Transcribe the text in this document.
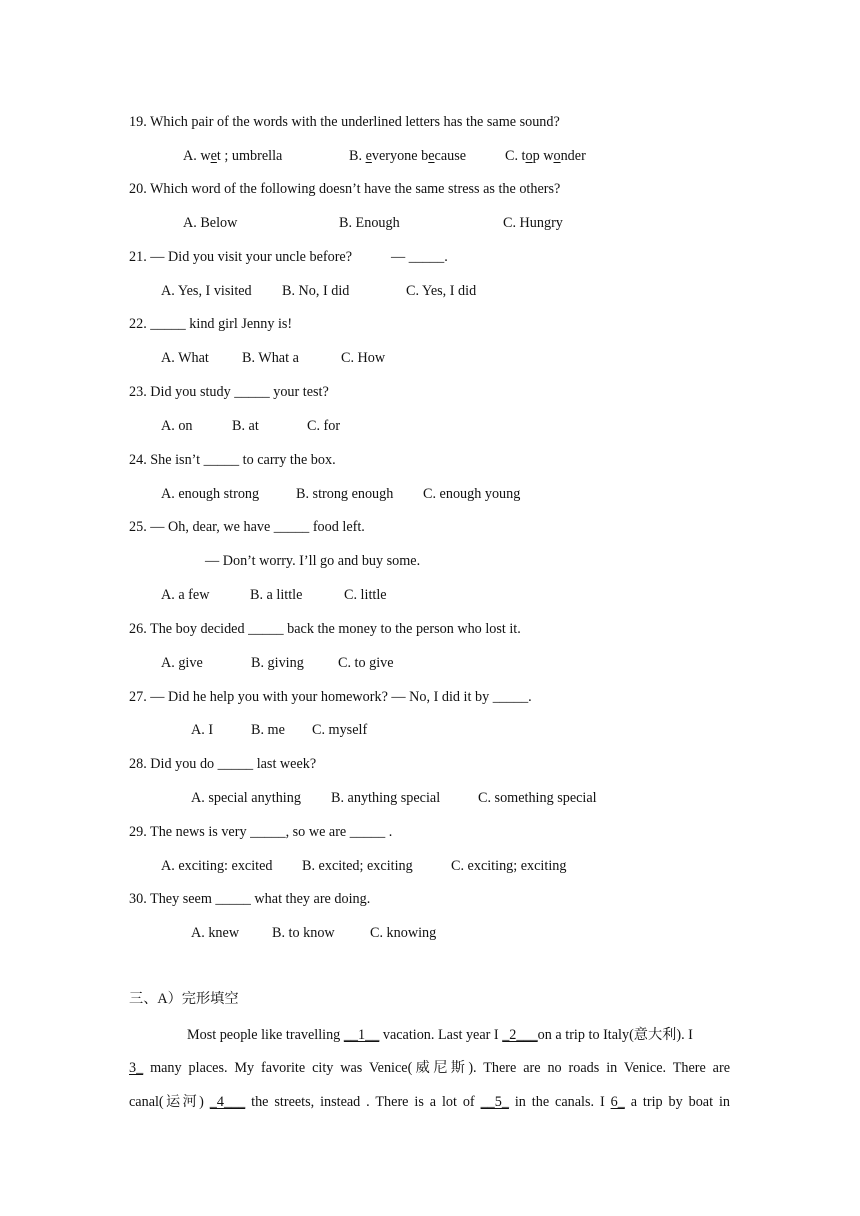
19. Which pair of the words with the underlined letters has the same sound?
A. wet ; umbrella	B. everyone because	C. top wonder
20. Which word of the following doesn’t have the same stress as the others?
A. Below	B. Enough	C. Hungry
21. — Did you visit your uncle before?	— _____.
A. Yes, I visited B. No, I did	C. Yes, I did
22. _____ kind girl Jenny is!
A. What B. What a	C. How
23. Did you study _____ your test?
A. on	B. at	C. for
24. She isn’t _____ to carry the box.
A. enough strong	B. strong enough C. enough young
25. — Oh, dear, we have _____ food left.
— Don’t worry. I’ll go and buy some.
A. a few	B. a little	C. little
26. The boy decided _____ back the money to the person who lost it.
A. give	B. giving C. to give
27. — Did he help you with your homework? — No, I did it by _____.
A. I	B. me C. myself
28. Did you do _____ last week?
A. special anything B. anything special	C. something special
29. The news is very _____, so we are _____ .
A. exciting: excited B. excited; exciting	C. exciting; exciting
30. They seem _____ what they are doing.
A. knew B. to know C. knowing
三、A）完形填空
Most people like travelling __1__ vacation. Last year I _2___on a trip to Italy(意大利). I
3_ many places. My favorite city was Venice(威尼斯). There are no roads in Venice. There are
canal(运河) _4___ the streets, instead . There is a lot of __5_ in the canals. I 6_ a trip by boat in
